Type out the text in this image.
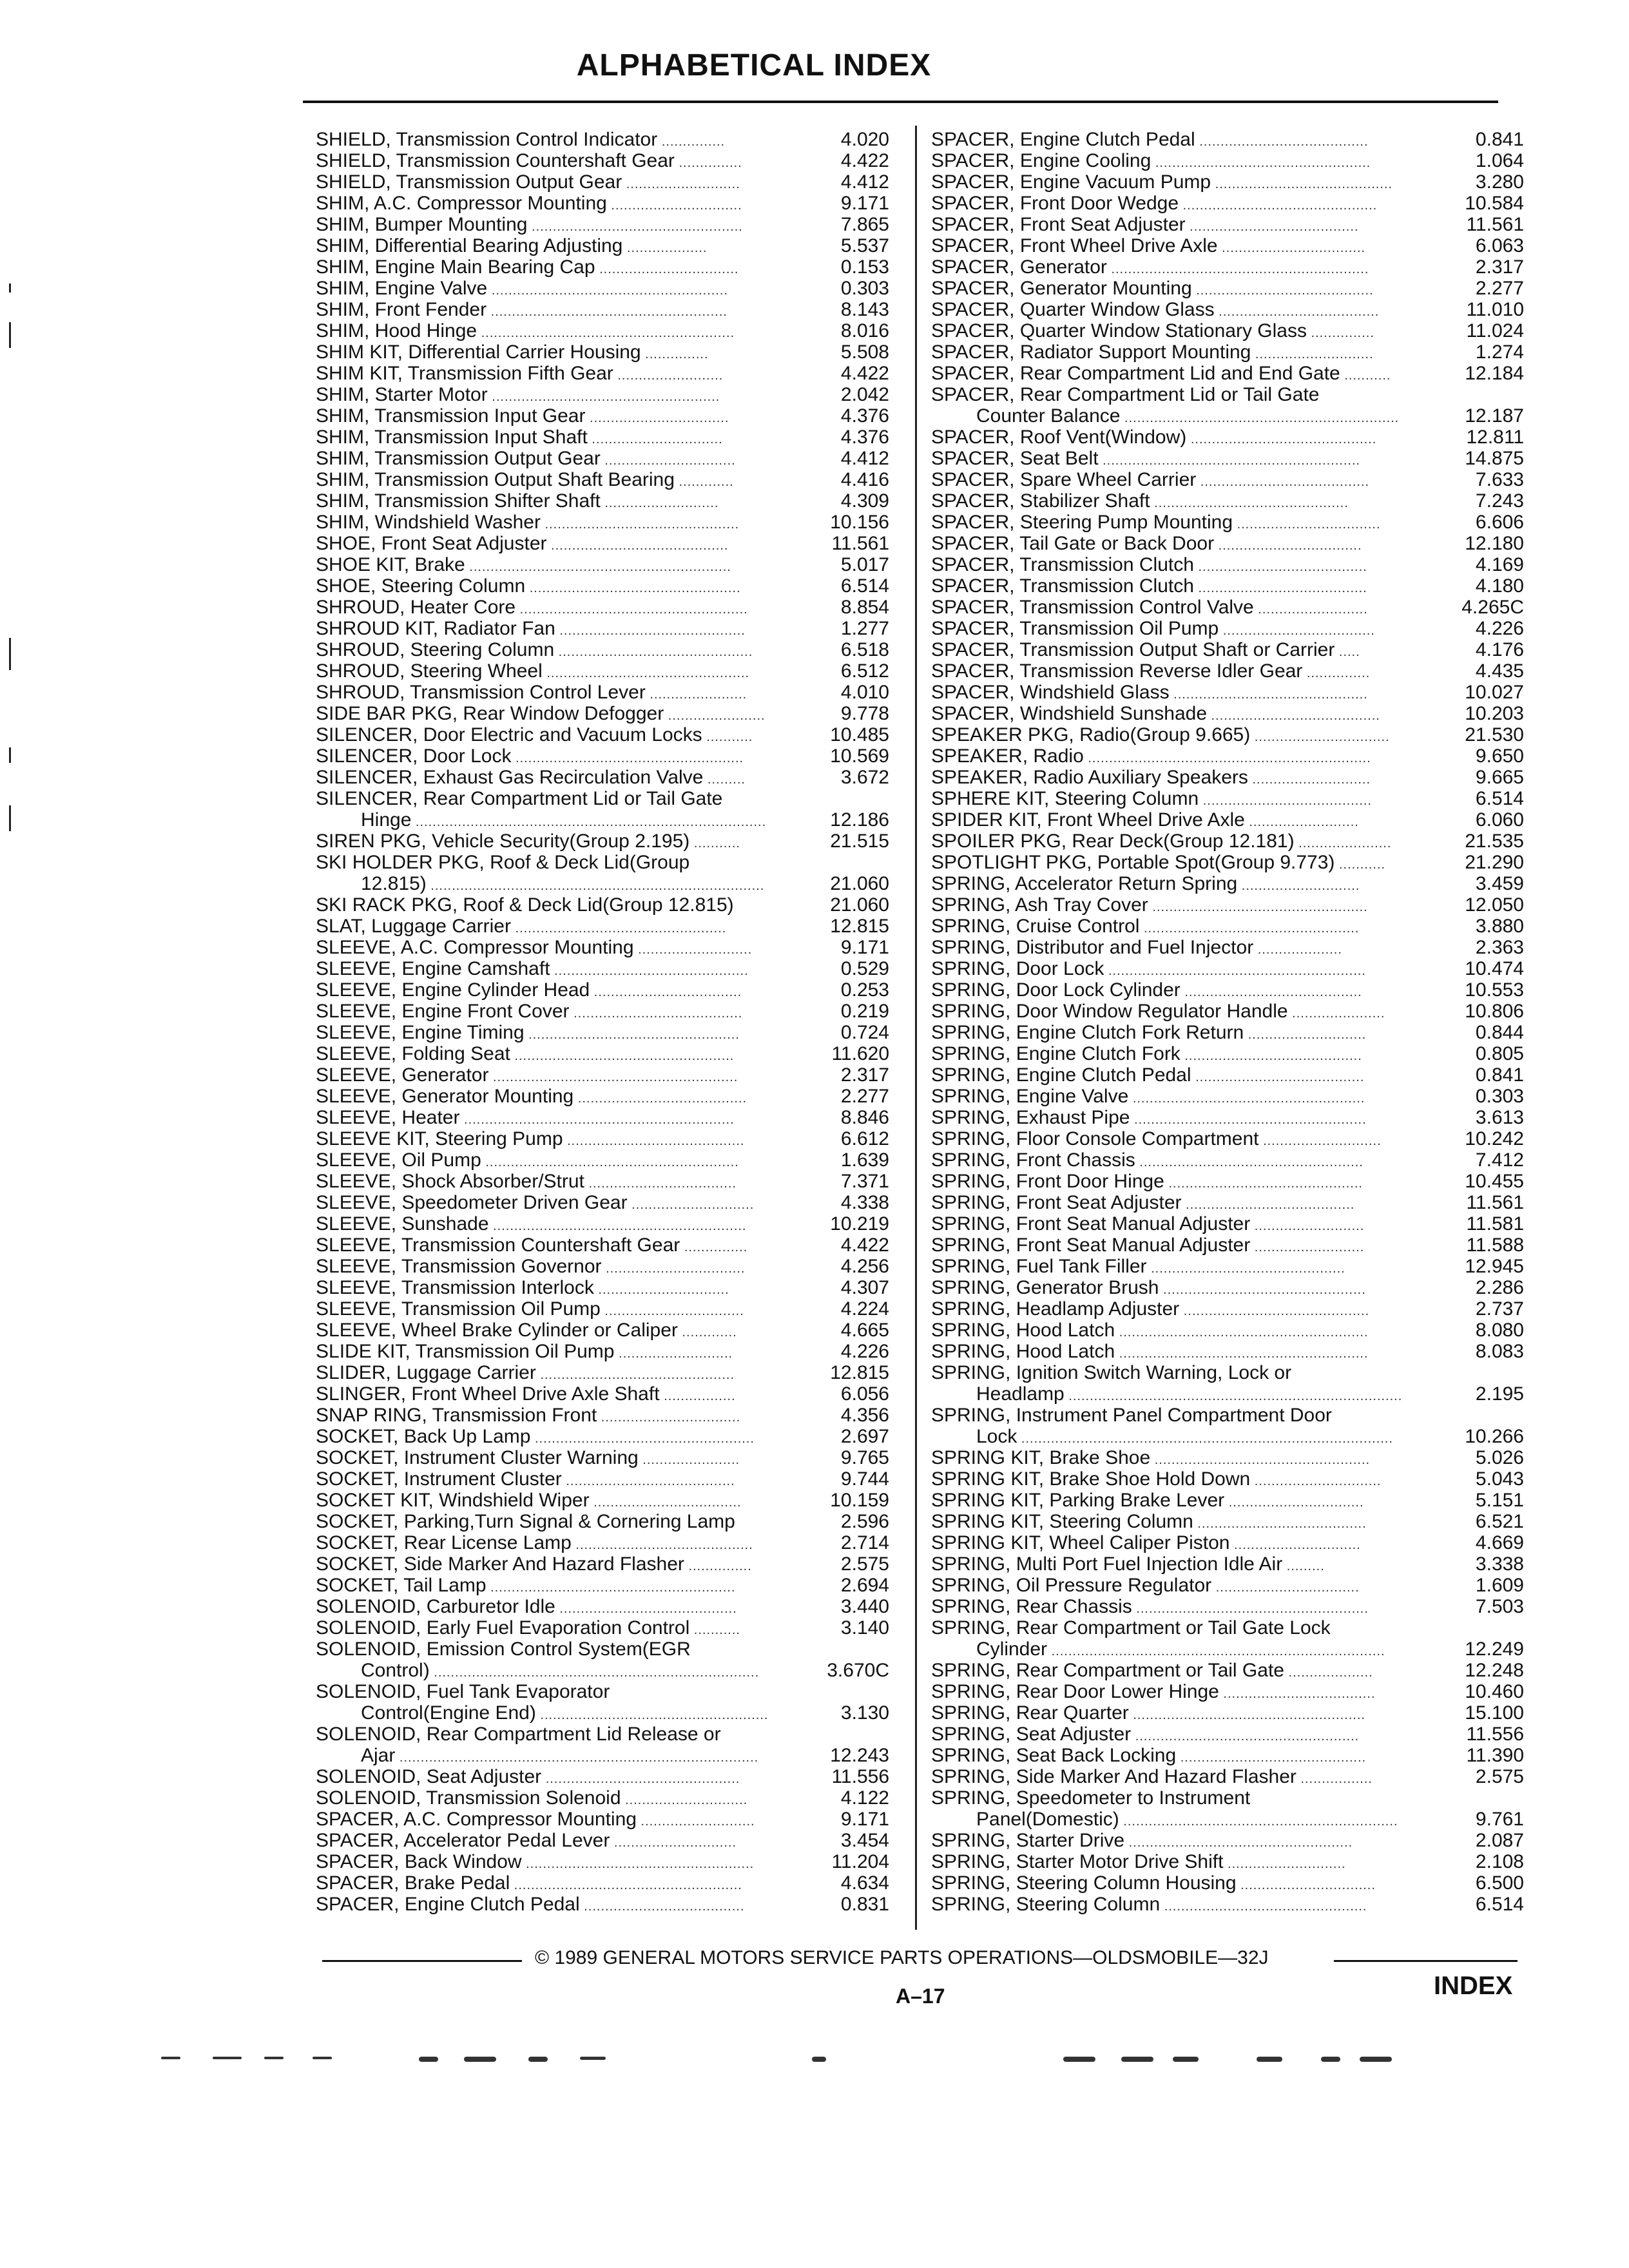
ALPHABETICAL INDEX
SHIELD, Transmission Control Indicator ...............	4.020
SHIELD, Transmission Countershaft Gear ...............	4.422
SHIELD, Transmission Output Gear ...........................	4.412
SHIM, A.C. Compressor Mounting ...............................	9.171
SHIM, Bumper Mounting ..................................................	7.865
SHIM, Differential Bearing Adjusting ...................	5.537
SHIM, Engine Main Bearing Cap .................................	0.153
SHIM, Engine Valve ........................................................	0.303
SHIM, Front Fender ........................................................	8.143
SHIM, Hood Hinge ............................................................	8.016
SHIM KIT, Differential Carrier Housing ...............	5.508
SHIM KIT, Transmission Fifth Gear .........................	4.422
SHIM, Starter Motor ......................................................	2.042
SHIM, Transmission Input Gear .................................	4.376
SHIM, Transmission Input Shaft ...............................	4.376
SHIM, Transmission Output Gear ...............................	4.412
SHIM, Transmission Output Shaft Bearing .............	4.416
SHIM, Transmission Shifter Shaft ...........................	4.309
SHIM, Windshield Washer ..............................................	10.156
SHOE, Front Seat Adjuster ..........................................	11.561
SHOE KIT, Brake ..............................................................	5.017
SHOE, Steering Column ..................................................	6.514
SHROUD, Heater Core ......................................................	8.854
SHROUD KIT, Radiator Fan ............................................	1.277
SHROUD, Steering Column ..............................................	6.518
SHROUD, Steering Wheel ................................................	6.512
SHROUD, Transmission Control Lever .......................	4.010
SIDE BAR PKG, Rear Window Defogger .......................	9.778
SILENCER, Door Electric and Vacuum Locks ...........	10.485
SILENCER, Door Lock ......................................................	10.569
SILENCER, Exhaust Gas Recirculation Valve .........	3.672
SILENCER, Rear Compartment Lid or Tail Gate
Hinge ...................................................................................	12.186
SIREN PKG, Vehicle Security(Group 2.195) ...........	21.515
SKI HOLDER PKG, Roof & Deck Lid(Group
12.815) ...............................................................................	21.060
SKI RACK PKG, Roof & Deck Lid(Group 12.815)	21.060
SLAT, Luggage Carrier ..................................................	12.815
SLEEVE, A.C. Compressor Mounting ...........................	9.171
SLEEVE, Engine Camshaft ..............................................	0.529
SLEEVE, Engine Cylinder Head ...................................	0.253
SLEEVE, Engine Front Cover ........................................	0.219
SLEEVE, Engine Timing ..................................................	0.724
SLEEVE, Folding Seat ....................................................	11.620
SLEEVE, Generator ..........................................................	2.317
SLEEVE, Generator Mounting ........................................	2.277
SLEEVE, Heater ................................................................	8.846
SLEEVE KIT, Steering Pump ..........................................	6.612
SLEEVE, Oil Pump ............................................................	1.639
SLEEVE, Shock Absorber/Strut ...................................	7.371
SLEEVE, Speedometer Driven Gear .............................	4.338
SLEEVE, Sunshade ............................................................	10.219
SLEEVE, Transmission Countershaft Gear ...............	4.422
SLEEVE, Transmission Governor .................................	4.256
SLEEVE, Transmission Interlock ...............................	4.307
SLEEVE, Transmission Oil Pump .................................	4.224
SLEEVE, Wheel Brake Cylinder or Caliper .............	4.665
SLIDE KIT, Transmission Oil Pump ...........................	4.226
SLIDER, Luggage Carrier ..............................................	12.815
SLINGER, Front Wheel Drive Axle Shaft .................	6.056
SNAP RING, Transmission Front .................................	4.356
SOCKET, Back Up Lamp ....................................................	2.697
SOCKET, Instrument Cluster Warning .......................	9.765
SOCKET, Instrument Cluster ........................................	9.744
SOCKET KIT, Windshield Wiper ...................................	10.159
SOCKET, Parking,Turn Signal & Cornering Lamp	2.596
SOCKET, Rear License Lamp ..........................................	2.714
SOCKET, Side Marker And Hazard Flasher ...............	2.575
SOCKET, Tail Lamp ..........................................................	2.694
SOLENOID, Carburetor Idle ..........................................	3.440
SOLENOID, Early Fuel Evaporation Control ...........	3.140
SOLENOID, Emission Control System(EGR
Control) .............................................................................	3.670C
SOLENOID, Fuel Tank Evaporator
Control(Engine End) ......................................................	3.130
SOLENOID, Rear Compartment Lid Release or
Ajar .....................................................................................	12.243
SOLENOID, Seat Adjuster ..............................................	11.556
SOLENOID, Transmission Solenoid .............................	4.122
SPACER, A.C. Compressor Mounting ...........................	9.171
SPACER, Accelerator Pedal Lever .............................	3.454
SPACER, Back Window ......................................................	11.204
SPACER, Brake Pedal ......................................................	4.634
SPACER, Engine Clutch Pedal ......................................	0.831
SPACER, Engine Clutch Pedal ........................................	0.841
SPACER, Engine Cooling ...................................................	1.064
SPACER, Engine Vacuum Pump ..........................................	3.280
SPACER, Front Door Wedge ..............................................	10.584
SPACER, Front Seat Adjuster ........................................	11.561
SPACER, Front Wheel Drive Axle ..................................	6.063
SPACER, Generator .............................................................	2.317
SPACER, Generator Mounting ..........................................	2.277
SPACER, Quarter Window Glass ......................................	11.010
SPACER, Quarter Window Stationary Glass ...............	11.024
SPACER, Radiator Support Mounting ............................	1.274
SPACER, Rear Compartment Lid and End Gate ...........	12.184
SPACER, Rear Compartment Lid or Tail Gate
Counter Balance .................................................................	12.187
SPACER, Roof Vent(Window) ............................................	12.811
SPACER, Seat Belt .............................................................	14.875
SPACER, Spare Wheel Carrier ........................................	7.633
SPACER, Stabilizer Shaft ..............................................	7.243
SPACER, Steering Pump Mounting ..................................	6.606
SPACER, Tail Gate or Back Door ..................................	12.180
SPACER, Transmission Clutch ........................................	4.169
SPACER, Transmission Clutch ........................................	4.180
SPACER, Transmission Control Valve ..........................	4.265C
SPACER, Transmission Oil Pump ....................................	4.226
SPACER, Transmission Output Shaft or Carrier .....	4.176
SPACER, Transmission Reverse Idler Gear ...............	4.435
SPACER, Windshield Glass ..............................................	10.027
SPACER, Windshield Sunshade ........................................	10.203
SPEAKER PKG, Radio(Group 9.665) ................................	21.530
SPEAKER, Radio ...................................................................	9.650
SPEAKER, Radio Auxiliary Speakers ............................	9.665
SPHERE KIT, Steering Column ........................................	6.514
SPIDER KIT, Front Wheel Drive Axle ..........................	6.060
SPOILER PKG, Rear Deck(Group 12.181) ......................	21.535
SPOTLIGHT PKG, Portable Spot(Group 9.773) ...........	21.290
SPRING, Accelerator Return Spring ............................	3.459
SPRING, Ash Tray Cover ...................................................	12.050
SPRING, Cruise Control ...................................................	3.880
SPRING, Distributor and Fuel Injector ....................	2.363
SPRING, Door Lock .............................................................	10.474
SPRING, Door Lock Cylinder ..........................................	10.553
SPRING, Door Window Regulator Handle ......................	10.806
SPRING, Engine Clutch Fork Return ............................	0.844
SPRING, Engine Clutch Fork ..........................................	0.805
SPRING, Engine Clutch Pedal ........................................	0.841
SPRING, Engine Valve .......................................................	0.303
SPRING, Exhaust Pipe .......................................................	3.613
SPRING, Floor Console Compartment ............................	10.242
SPRING, Front Chassis .....................................................	7.412
SPRING, Front Door Hinge ..............................................	10.455
SPRING, Front Seat Adjuster ........................................	11.561
SPRING, Front Seat Manual Adjuster ..........................	11.581
SPRING, Front Seat Manual Adjuster ..........................	11.588
SPRING, Fuel Tank Filler ..............................................	12.945
SPRING, Generator Brush ................................................	2.286
SPRING, Headlamp Adjuster ............................................	2.737
SPRING, Hood Latch ...........................................................	8.080
SPRING, Hood Latch ...........................................................	8.083
SPRING, Ignition Switch Warning, Lock or
Headlamp ...............................................................................	2.195
SPRING, Instrument Panel Compartment Door
Lock ........................................................................................	10.266
SPRING KIT, Brake Shoe ...................................................	5.026
SPRING KIT, Brake Shoe Hold Down ..............................	5.043
SPRING KIT, Parking Brake Lever ................................	5.151
SPRING KIT, Steering Column ........................................	6.521
SPRING KIT, Wheel Caliper Piston ..............................	4.669
SPRING, Multi Port Fuel Injection Idle Air .........	3.338
SPRING, Oil Pressure Regulator ..................................	1.609
SPRING, Rear Chassis .......................................................	7.503
SPRING, Rear Compartment or Tail Gate Lock
Cylinder ...............................................................................	12.249
SPRING, Rear Compartment or Tail Gate ....................	12.248
SPRING, Rear Door Lower Hinge ....................................	10.460
SPRING, Rear Quarter .......................................................	15.100
SPRING, Seat Adjuster .....................................................	11.556
SPRING, Seat Back Locking ............................................	11.390
SPRING, Side Marker And Hazard Flasher .................	2.575
SPRING, Speedometer to Instrument
Panel(Domestic) .................................................................	9.761
SPRING, Starter Drive .....................................................	2.087
SPRING, Starter Motor Drive Shift ............................	2.108
SPRING, Steering Column Housing ................................	6.500
SPRING, Steering Column ................................................	6.514
© 1989 GENERAL MOTORS SERVICE PARTS OPERATIONS—OLDSMOBILE—32J
A–17	INDEX
